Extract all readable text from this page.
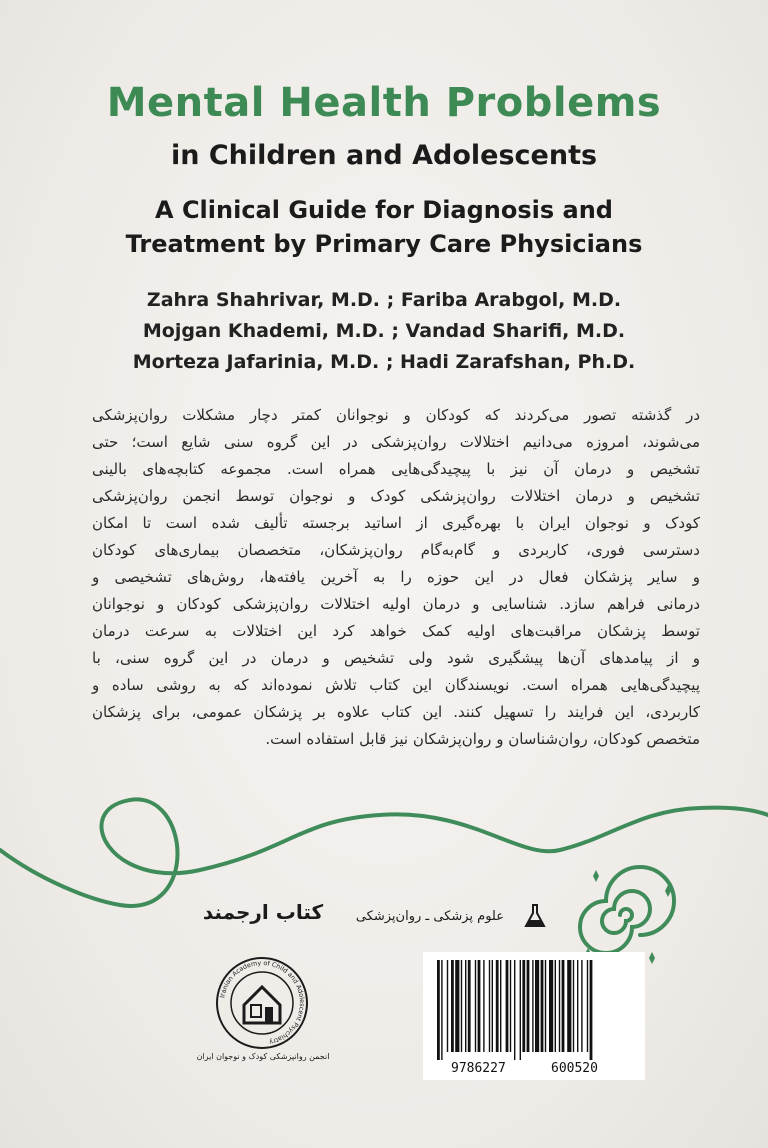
Mental Health Problems
in Children and Adolescents
A Clinical Guide for Diagnosis and
Treatment by Primary Care Physicians
Zahra Shahrivar, M.D. ; Fariba Arabgol, M.D.
Mojgan Khademi, M.D. ; Vandad Sharifi, M.D.
Morteza Jafarinia, M.D. ; Hadi Zarafshan, Ph.D.
در گذشته تصور می‌کردند که کودکان و نوجوانان کمتر دچار مشکلات روان‌پزشکی
می‌شوند، امروزه می‌دانیم اختلالات روان‌پزشکی در این گروه سنی شایع است؛ حتی
تشخیص و درمان آن نیز با پیچیدگی‌هایی همراه است. مجموعه کتابچه‌های بالینی
تشخیص و درمان اختلالات روان‌پزشکی کودک و نوجوان توسط انجمن روان‌پزشکی
کودک و نوجوان ایران با بهره‌گیری از اساتید برجسته تألیف شده است تا امکان
دسترسی فوری، کاربردی و گام‌به‌گام روان‌پزشکان، متخصصان بیماری‌های کودکان
و سایر پزشکان فعال در این حوزه را به آخرین یافته‌ها، روش‌های تشخیصی و
درمانی فراهم سازد. شناسایی و درمان اولیه اختلالات روان‌پزشکی کودکان و نوجوانان
توسط پزشکان مراقبت‌های اولیه کمک خواهد کرد این اختلالات به سرعت درمان
و از پیامدهای آن‌ها پیشگیری شود ولی تشخیص و درمان در این گروه سنی، با
پیچیدگی‌هایی همراه است. نویسندگان این کتاب تلاش نموده‌اند که به روشی ساده و
کاربردی، این فرایند را تسهیل کنند. این کتاب علاوه بر پزشکان عمومی، برای پزشکان
متخصص کودکان، روان‌شناسان و روان‌پزشکان نیز قابل استفاده است.
علوم پزشکی ـ روان‌پزشکی
کتاب ارجمند
Iranian Academy of Child and Adolescent Psychiatry
انجمن روانپزشکی کودک و نوجوان ایران
9786227	600520
